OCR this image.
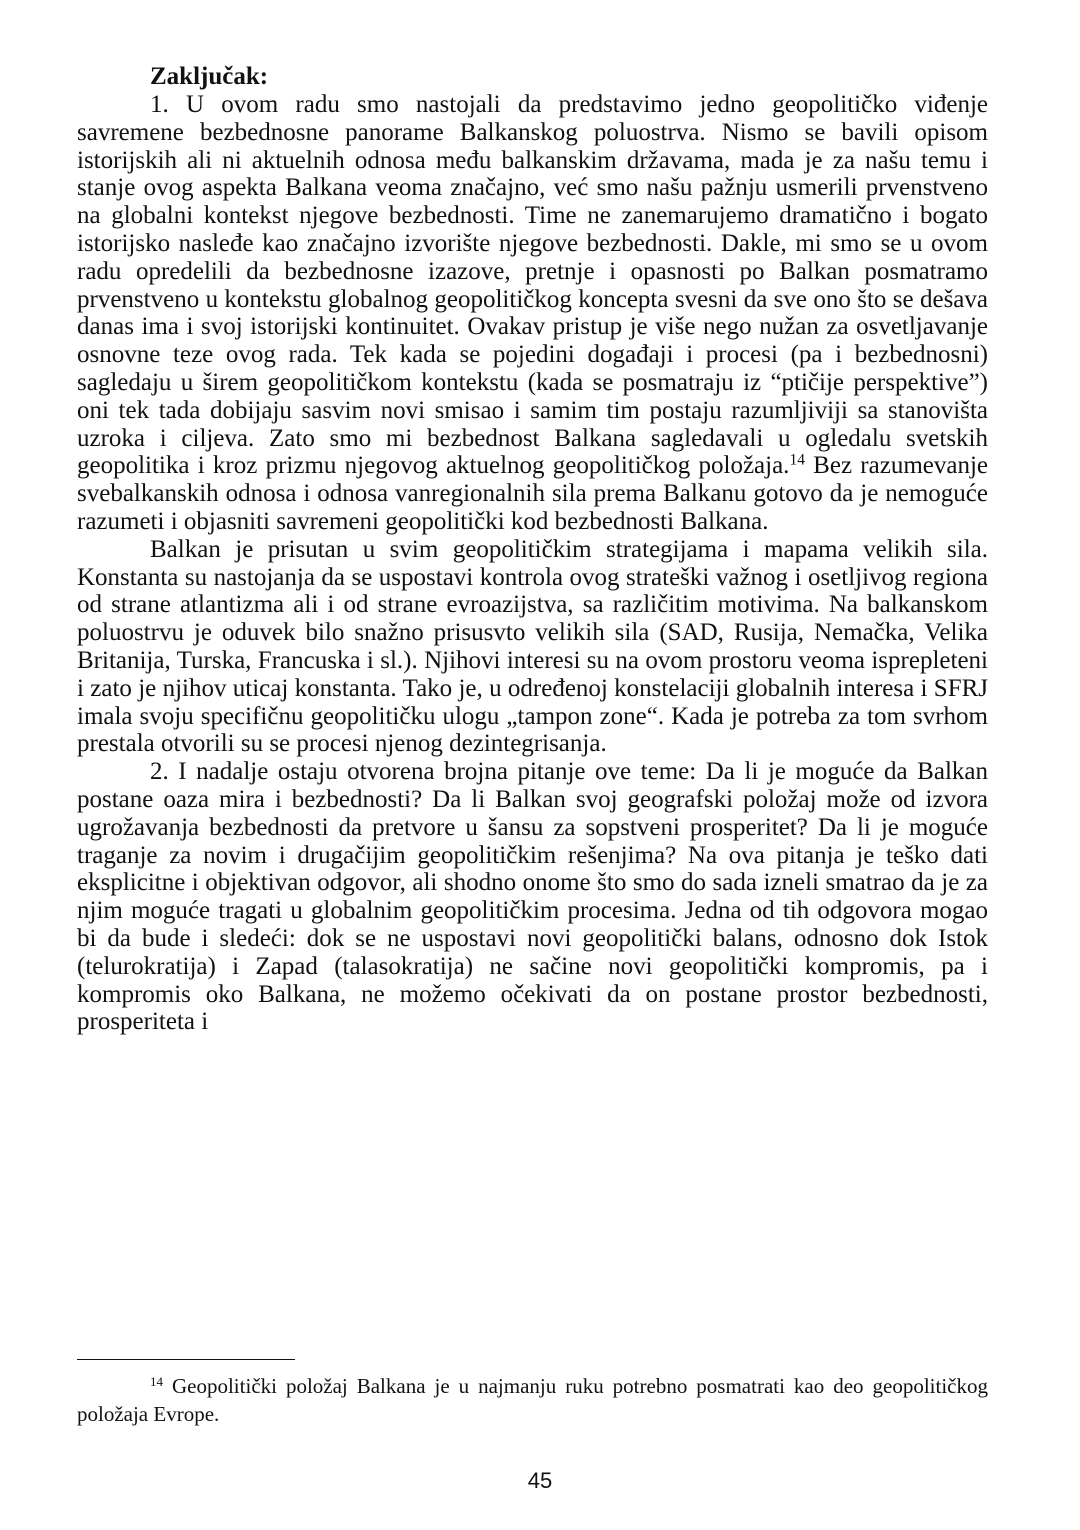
Zaključak:

1. U ovom radu smo nastojali da predstavimo jedno geopolitičko viđenje savremene bezbednosne panorame Balkanskog poluostrva. Nismo se bavili opisom istorijskih ali ni aktuelnih odnosa među balkanskim državama, mada je za našu temu i stanje ovog aspekta Balkana veoma značajno, već smo našu pažnju usmerili prvenstveno na globalni kontekst njegove bezbednosti. Time ne zanemarujemo dramatično i bogato istorijsko nasleđe kao značajno izvorište njegove bezbednosti. Dakle, mi smo se u ovom radu opredelili da bezbednosne izazove, pretnje i opasnosti po Balkan posmatramo prvenstveno u kontekstu globalnog geopolitičkog koncepta svesni da sve ono što se dešava danas ima i svoj istorijski kontinuitet. Ovakav pristup je više nego nužan za osvetljavanje osnovne teze ovog rada. Tek kada se pojedini događaji i procesi (pa i bezbednosni) sagledaju u širem geopolitičkom kontekstu (kada se posmatraju iz “ptičije perspektive”) oni tek tada dobijaju sasvim novi smisao i samim tim postaju razumljiviji sa stanovišta uzroka i ciljeva. Zato smo mi bezbednost Balkana sagledavali u ogledalu svetskih geopolitika i kroz prizmu njegovog aktuelnog geopolitičkog položaja.$^{14}$ Bez razumevanje svebalkanskih odnosa i odnosa vanregionalnih sila prema Balkanu gotovo da je nemoguće razumeti i objasniti savremeni geopolitički kod bezbednosti Balkana.

Balkan je prisutan u svim geopolitičkim strategijama i mapama velikih sila. Konstanta su nastojanja da se uspostavi kontrola ovog strateški važnog i osetljivog regiona od strane atlantizma ali i od strane evroazijstva, sa različitim motivima. Na balkanskom poluostrvu je oduvek bilo snažno prisusvto velikih sila (SAD, Rusija, Nemačka, Velika Britanija, Turska, Francuska i sl.). Njihovi interesi su na ovom prostoru veoma isprepleteni i zato je njihov uticaj konstanta. Tako je, u određenoj konstelaciji globalnih interesa i SFRJ imala svoju specifičnu geopolitičku ulogu „tampon zone“. Kada je potreba za tom svrhom prestala otvorili su se procesi njenog dezintegrisanja.

2. I nadalje ostaju otvorena brojna pitanje ove teme: Da li je moguće da Balkan postane oaza mira i bezbednosti? Da li Balkan svoj geografski položaj može od izvora ugrožavanja bezbednosti da pretvore u šansu za sopstveni prosperitet? Da li je moguće traganje za novim i drugačijim geopolitičkim rešenjima? Na ova pitanja je teško dati eksplicitne i objektivan odgovor, ali shodno onome što smo do sada izneli smatrao da je za njim moguće tragati u globalnim geopolitičkim procesima. Jedna od tih odgovora mogao bi da bude i sledeći: dok se ne uspostavi novi geopolitički balans, odnosno dok Istok (telurokratija) i Zapad (talasokratija) ne sačine novi geopolitički kompromis, pa i kompromis oko Balkana, ne možemo očekivati da on postane prostor bezbednosti, prosperiteta i

$^{14}$ Geopolitički položaj Balkana je u najmanju ruku potrebno posmatrati kao deo geopolitičkog položaja Evrope.

45
